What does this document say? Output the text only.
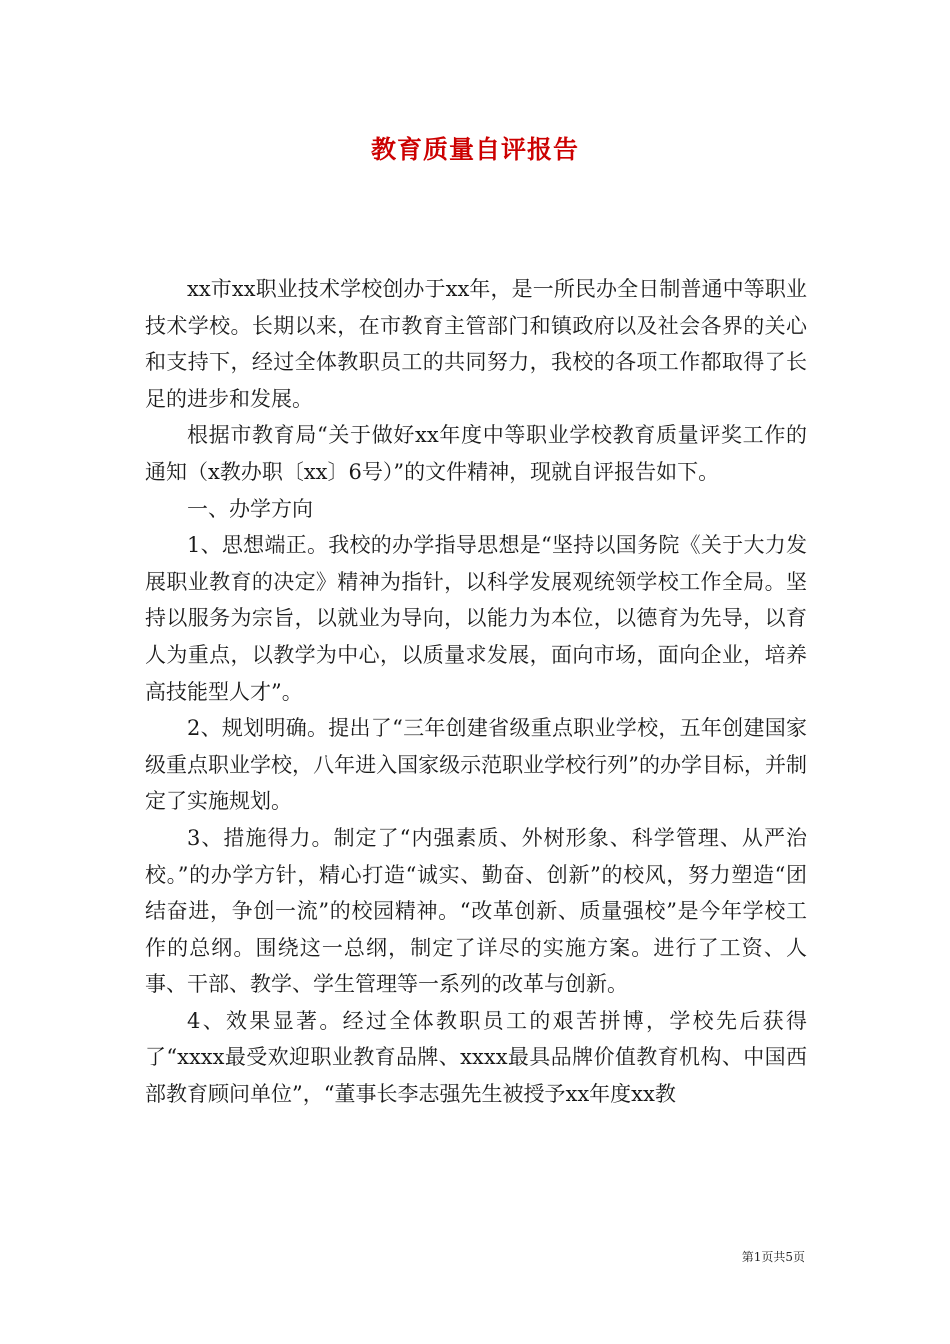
教育质量自评报告

xx市xx职业技术学校创办于xx年，是一所民办全日制普通中等职业技术学校。长期以来，在市教育主管部门和镇政府以及社会各界的关心和支持下，经过全体教职员工的共同努力，我校的各项工作都取得了长足的进步和发展。

根据市教育局“关于做好xx年度中等职业学校教育质量评奖工作的通知（x教办职〔xx〕6号）”的文件精神，现就自评报告如下。

一、办学方向

1、思想端正。我校的办学指导思想是“坚持以国务院《关于大力发展职业教育的决定》精神为指针，以科学发展观统领学校工作全局。坚持以服务为宗旨，以就业为导向，以能力为本位，以德育为先导，以育人为重点，以教学为中心，以质量求发展，面向市场，面向企业，培养高技能型人才”。

2、规划明确。提出了“三年创建省级重点职业学校，五年创建国家级重点职业学校，八年进入国家级示范职业学校行列”的办学目标，并制定了实施规划。

3、措施得力。制定了“内强素质、外树形象、科学管理、从严治校。”的办学方针，精心打造“诚实、勤奋、创新”的校风，努力塑造“团结奋进，争创一流”的校园精神。“改革创新、质量强校”是今年学校工作的总纲。围绕这一总纲，制定了详尽的实施方案。进行了工资、人事、干部、教学、学生管理等一系列的改革与创新。

4、效果显著。经过全体教职员工的艰苦拼博，学校先后获得了“xxxx最受欢迎职业教育品牌、xxxx最具品牌价值教育机构、中国西部教育顾问单位”，“董事长李志强先生被授予xx年度xx教

第1页共5页
